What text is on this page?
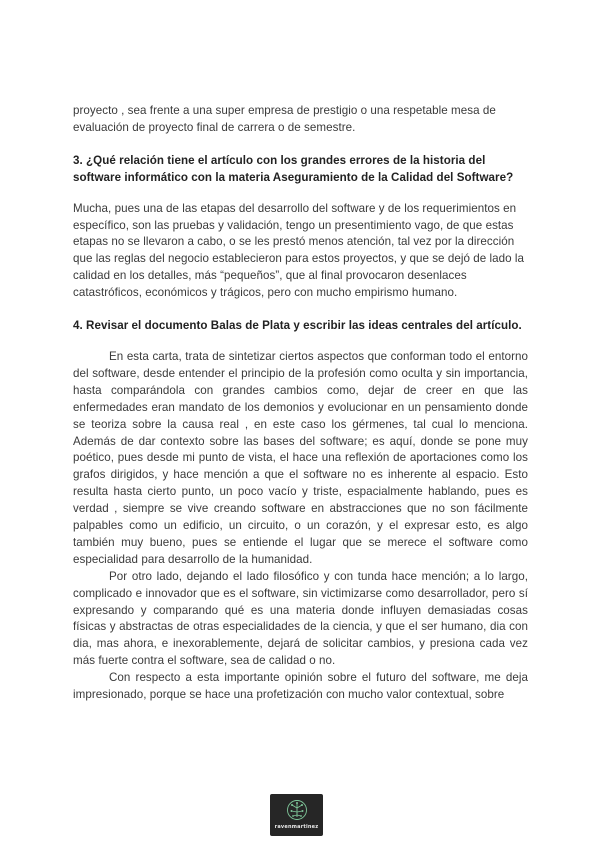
proyecto , sea frente a una super empresa de prestigio o una respetable mesa de evaluación de proyecto final de carrera o de semestre.

3. ¿Qué relación tiene el artículo con los grandes errores de la historia del software informático con la materia Aseguramiento de la Calidad del Software?

Mucha, pues una de las etapas del desarrollo del software y de los requerimientos en específico, son las pruebas y validación, tengo un presentimiento vago, de que estas etapas no se llevaron a cabo, o se les prestó menos atención, tal vez por la dirección que las reglas del negocio establecieron para estos proyectos, y que se dejó de lado la calidad en los detalles, más “pequeños”, que al final provocaron desenlaces catastróficos, económicos y trágicos, pero con mucho empirismo humano.

4. Revisar el documento Balas de Plata y escribir las ideas centrales del artículo.

En esta carta, trata de sintetizar ciertos aspectos que conforman todo el entorno del software, desde entender el principio de la profesión como oculta y sin importancia, hasta comparándola con grandes cambios como, dejar de creer en que las enfermedades eran mandato de los demonios y evolucionar en un pensamiento donde se teoriza sobre la causa real , en este caso los gérmenes, tal cual lo menciona. Además de dar contexto sobre las bases del software; es aquí, donde se pone muy poético, pues desde mi punto de vista, el hace una reflexión de aportaciones como los grafos dirigidos, y hace mención a que el software no es inherente al espacio. Esto resulta hasta cierto punto, un poco vacío y triste, espacialmente hablando, pues es verdad , siempre se vive creando software en abstracciones que no son fácilmente palpables como un edificio, un circuito, o un corazón, y el expresar esto, es algo también muy bueno, pues se entiende el lugar que se merece el software como especialidad para desarrollo de la humanidad.

Por otro lado, dejando el lado filosófico y con tunda hace mención; a lo largo, complicado e innovador que es el software, sin victimizarse como desarrollador, pero sí expresando y comparando qué es una materia donde influyen demasiadas cosas físicas y abstractas de otras especialidades de la ciencia, y que el ser humano, dia con dia, mas ahora, e inexorablemente, dejará de solicitar cambios, y presiona cada vez más fuerte contra el software, sea de calidad o no.

Con respecto a esta importante opinión sobre el futuro del software, me deja impresionado, porque se hace una profetización con mucho valor contextual, sobre

ravenmartinez
